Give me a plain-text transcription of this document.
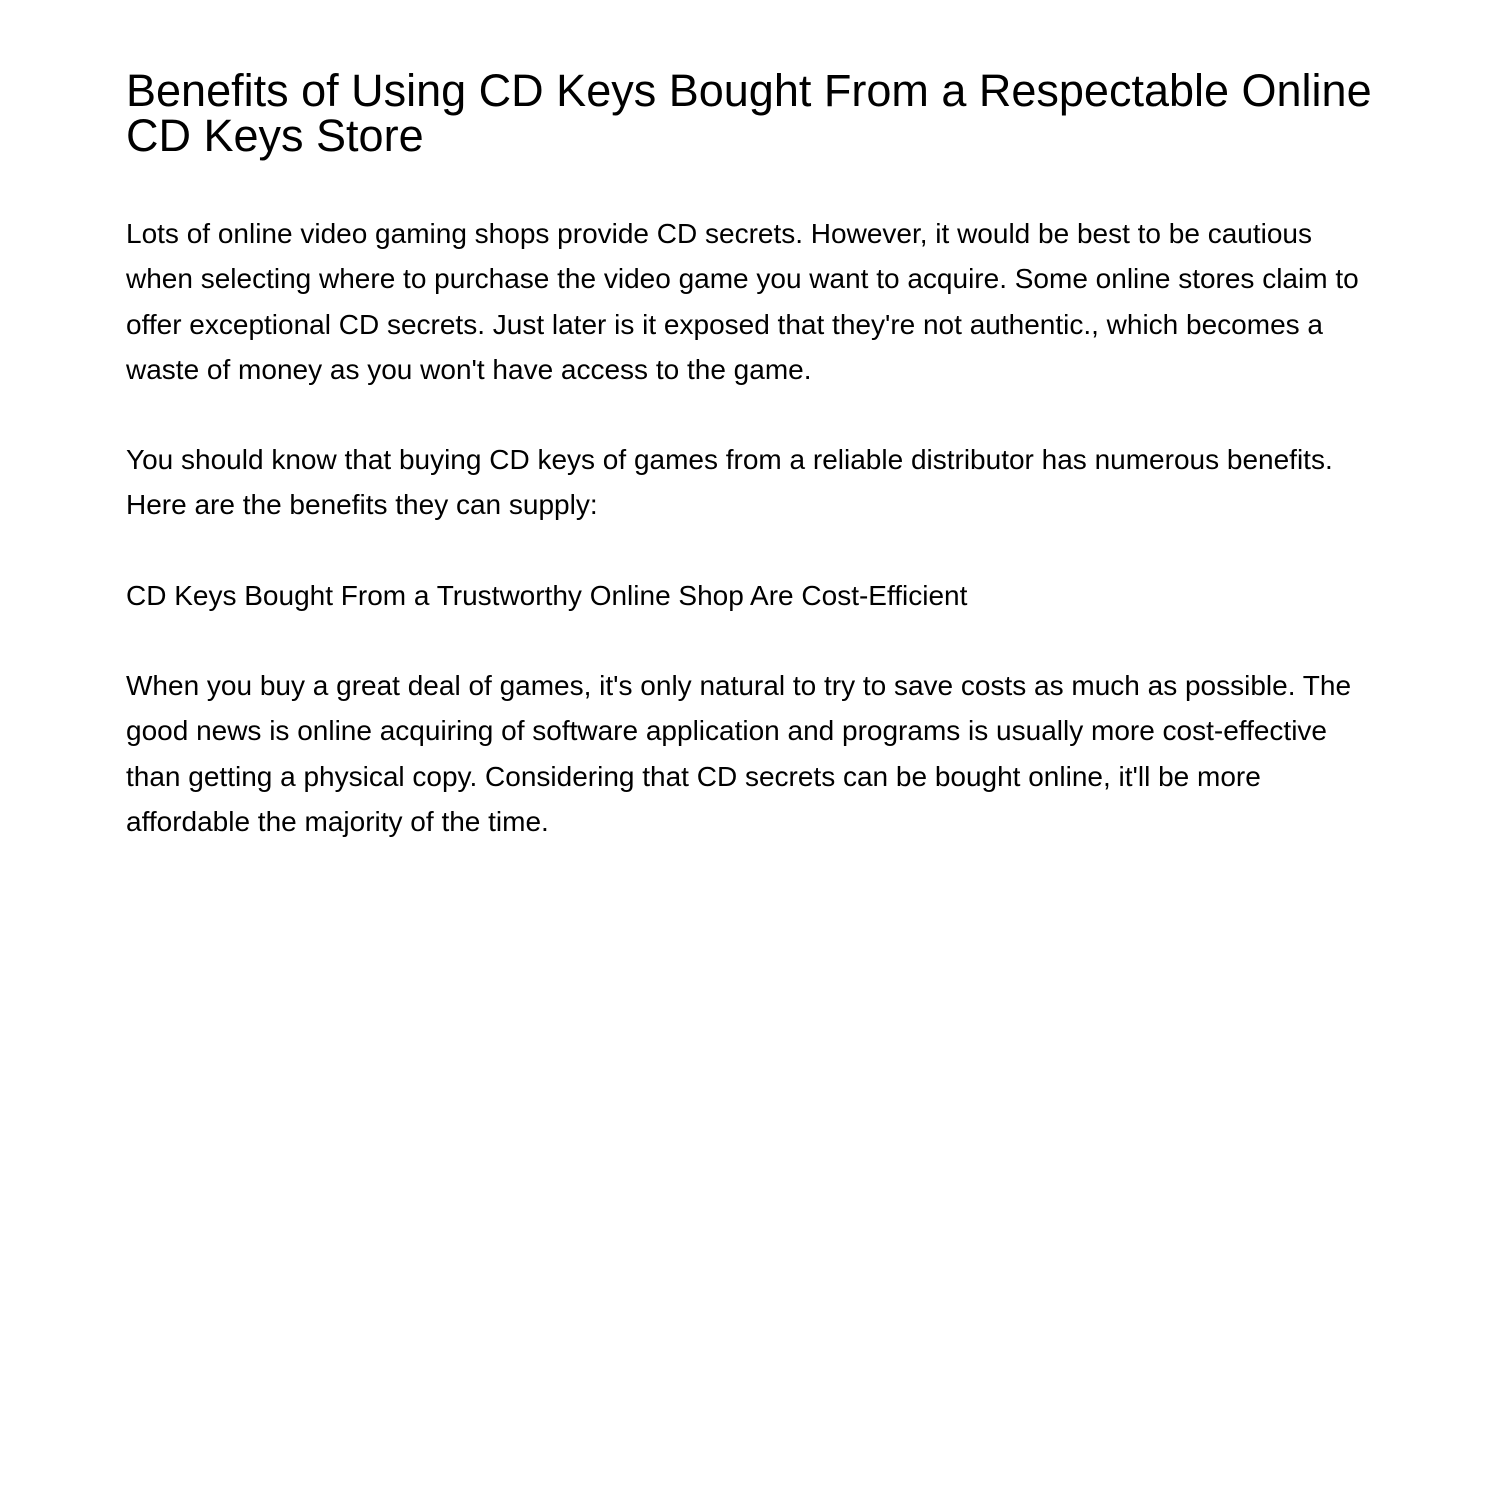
Benefits of Using CD Keys Bought From a Respectable Online CD Keys Store

Lots of online video gaming shops provide CD secrets. However, it would be best to be cautious when selecting where to purchase the video game you want to acquire. Some online stores claim to offer exceptional CD secrets. Just later is it exposed that they're not authentic., which becomes a waste of money as you won't have access to the game.

You should know that buying CD keys of games from a reliable distributor has numerous benefits. Here are the benefits they can supply:

CD Keys Bought From a Trustworthy Online Shop Are Cost-Efficient

When you buy a great deal of games, it's only natural to try to save costs as much as possible. The good news is online acquiring of software application and programs is usually more cost-effective than getting a physical copy. Considering that CD secrets can be bought online, it'll be more affordable the majority of the time.
